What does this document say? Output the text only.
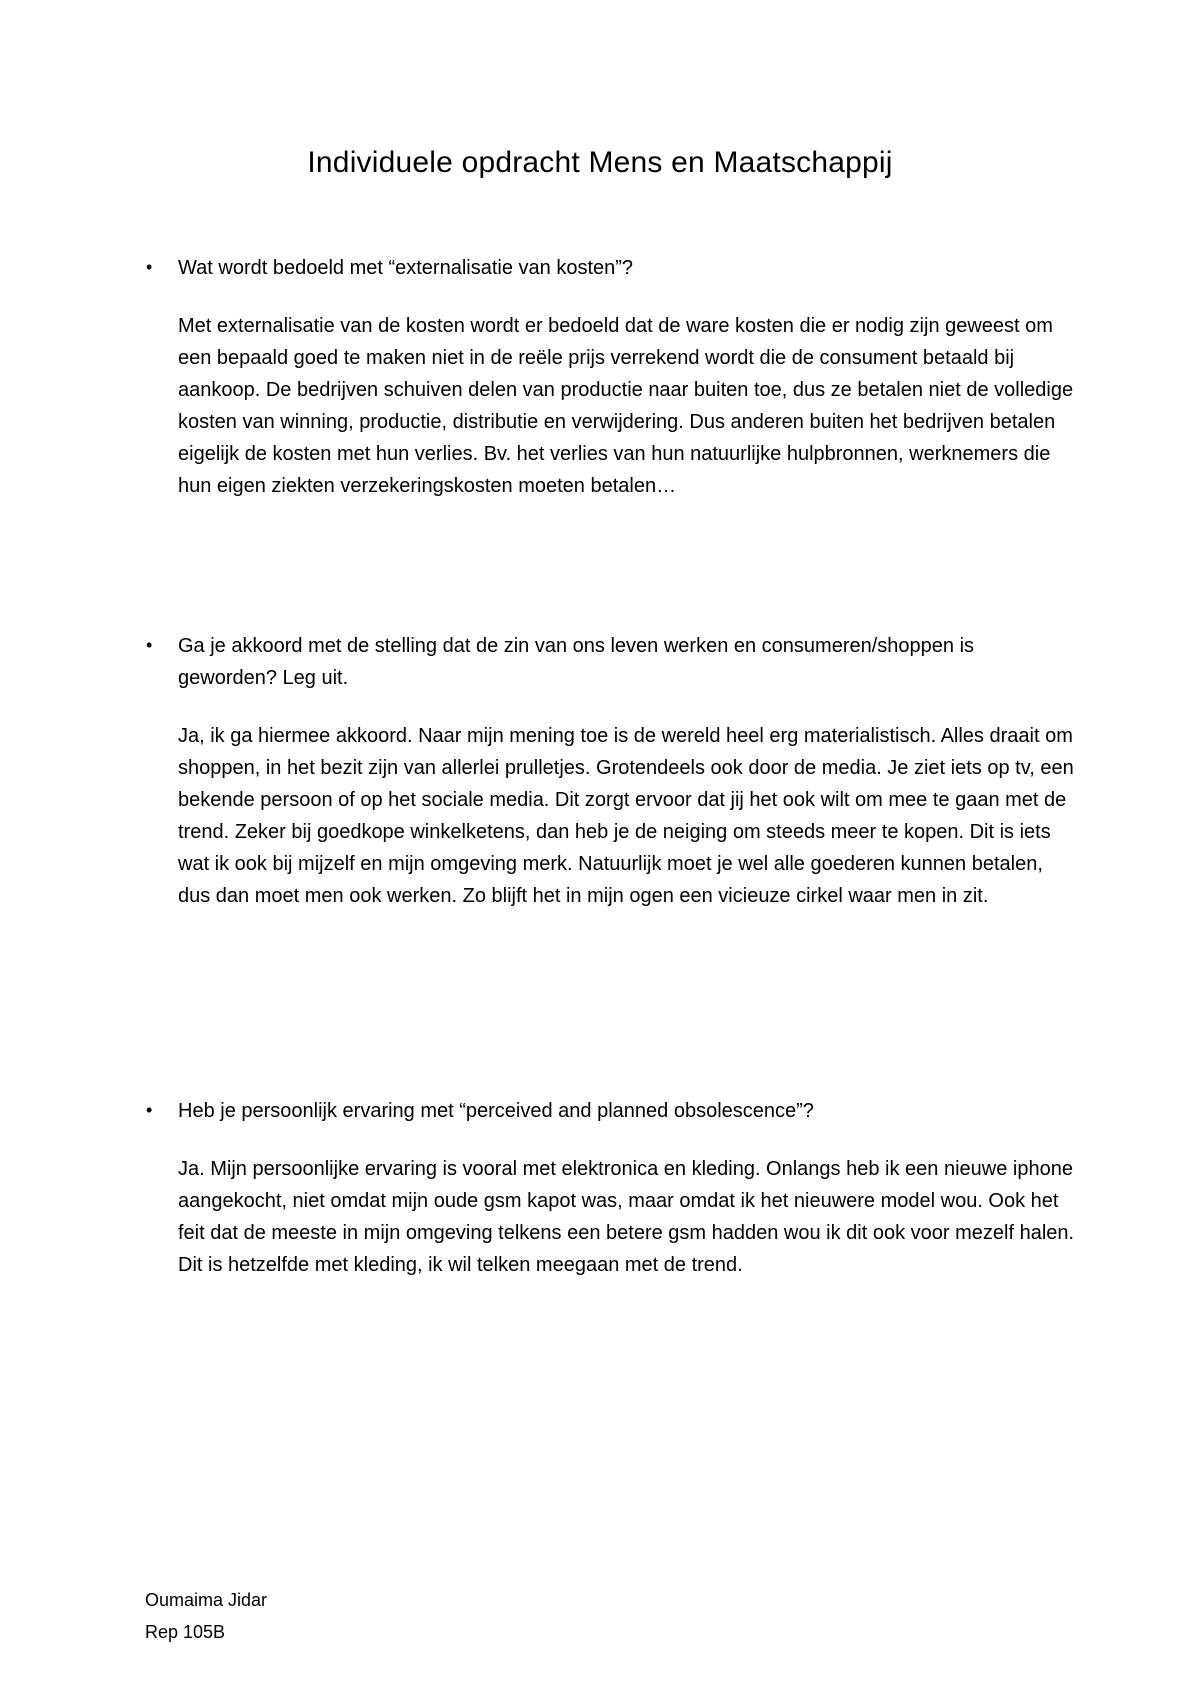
Individuele opdracht Mens en Maatschappij
• Wat wordt bedoeld met “externalisatie van kosten”?

Met externalisatie van de kosten wordt er bedoeld dat de ware kosten die er nodig zijn geweest om een bepaald goed te maken niet in de reële prijs verrekend wordt die de consument betaald bij aankoop. De bedrijven schuiven delen van productie naar buiten toe, dus ze betalen niet de volledige kosten van winning, productie, distributie en verwijdering. Dus anderen buiten het bedrijven betalen eigelijk de kosten met hun verlies. Bv. het verlies van hun natuurlijke hulpbronnen, werknemers die hun eigen ziekten verzekeringskosten moeten betalen…

• Ga je akkoord met de stelling dat de zin van ons leven werken en consumeren/shoppen is geworden? Leg uit.

Ja, ik ga hiermee akkoord. Naar mijn mening toe is de wereld heel erg materialistisch. Alles draait om shoppen, in het bezit zijn van allerlei prulletjes. Grotendeels ook door de media. Je ziet iets op tv, een bekende persoon of op het sociale media. Dit zorgt ervoor dat jij het ook wilt om mee te gaan met de trend. Zeker bij goedkope winkelketens, dan heb je de neiging om steeds meer te kopen. Dit is iets wat ik ook bij mijzelf en mijn omgeving merk. Natuurlijk moet je wel alle goederen kunnen betalen, dus dan moet men ook werken. Zo blijft het in mijn ogen een vicieuze cirkel waar men in zit.

• Heb je persoonlijk ervaring met “perceived and planned obsolescence”?

Ja. Mijn persoonlijke ervaring is vooral met elektronica en kleding. Onlangs heb ik een nieuwe iphone aangekocht, niet omdat mijn oude gsm kapot was, maar omdat ik het nieuwere model wou. Ook het feit dat de meeste in mijn omgeving telkens een betere gsm hadden wou ik dit ook voor mezelf halen. Dit is hetzelfde met kleding, ik wil telken meegaan met de trend.

Oumaima Jidar
Rep 105B
